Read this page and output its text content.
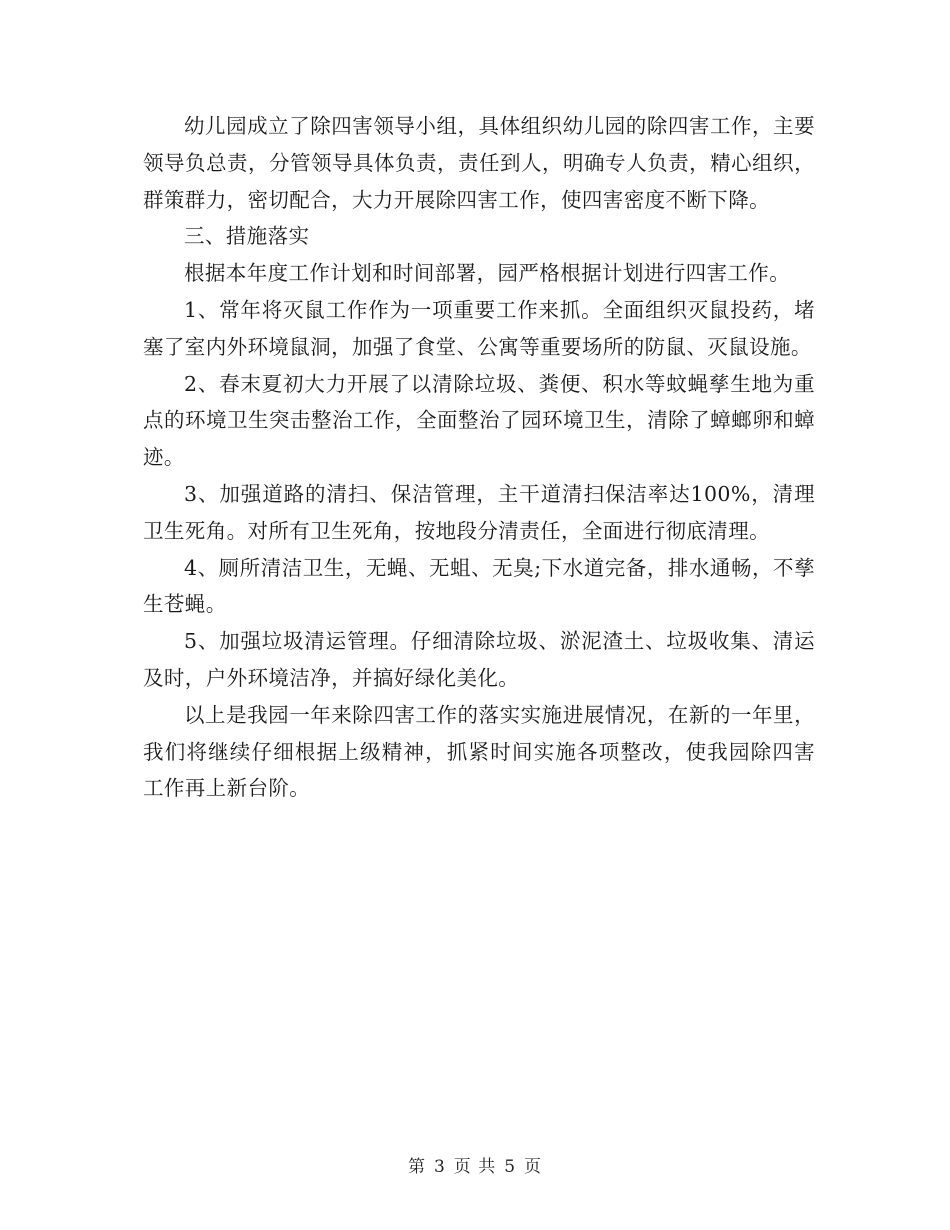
幼儿园成立了除四害领导小组，具体组织幼儿园的除四害工作，主要领导负总责，分管领导具体负责，责任到人，明确专人负责，精心组织，群策群力，密切配合，大力开展除四害工作，使四害密度不断下降。

三、措施落实

根据本年度工作计划和时间部署，园严格根据计划进行四害工作。

1、常年将灭鼠工作作为一项重要工作来抓。全面组织灭鼠投药，堵塞了室内外环境鼠洞，加强了食堂、公寓等重要场所的防鼠、灭鼠设施。

2、春末夏初大力开展了以清除垃圾、粪便、积水等蚊蝇孳生地为重点的环境卫生突击整治工作，全面整治了园环境卫生，清除了蟑螂卵和蟑迹。

3、加强道路的清扫、保洁管理，主干道清扫保洁率达100%，清理卫生死角。对所有卫生死角，按地段分清责任，全面进行彻底清理。

4、厕所清洁卫生，无蝇、无蛆、无臭;下水道完备，排水通畅，不孳生苍蝇。

5、加强垃圾清运管理。仔细清除垃圾、淤泥渣土、垃圾收集、清运及时，户外环境洁净，并搞好绿化美化。

以上是我园一年来除四害工作的落实实施进展情况，在新的一年里，我们将继续仔细根据上级精神，抓紧时间实施各项整改，使我园除四害 工作再上新台阶。

第 3 页 共 5 页
